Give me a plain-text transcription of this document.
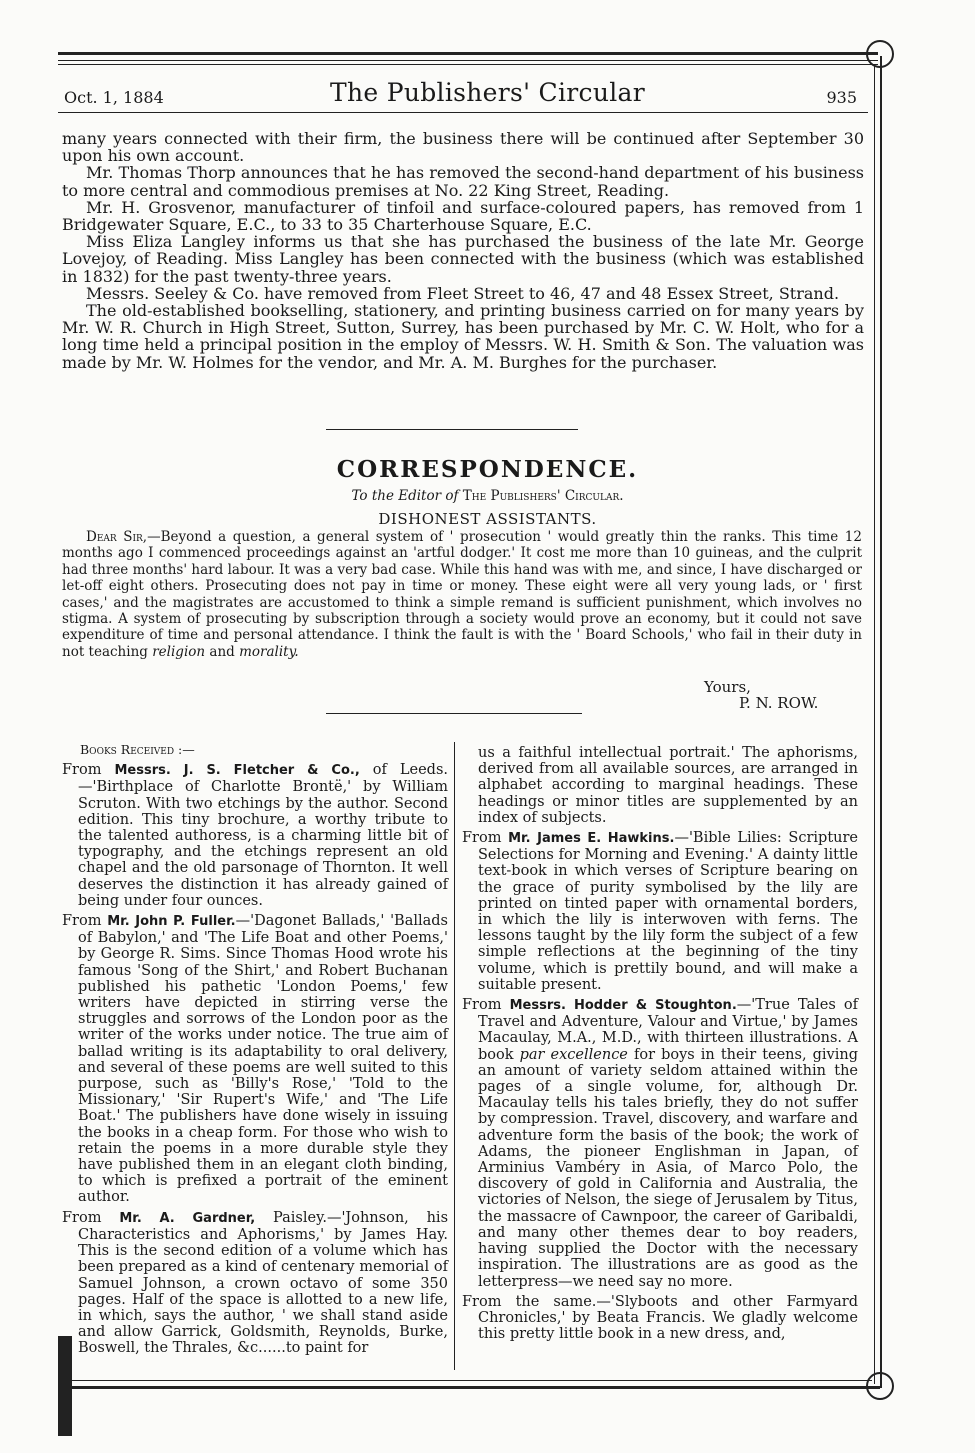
Oct. 1, 1884	The Publishers' Circular	935

many years connected with their firm, the business there will be continued after September 30 upon his own account.

Mr. Thomas Thorp announces that he has removed the second-hand department of his business to more central and commodious premises at No. 22 King Street, Reading.

Mr. H. Grosvenor, manufacturer of tinfoil and surface-coloured papers, has removed from 1 Bridgewater Square, E.C., to 33 to 35 Charterhouse Square, E.C.

Miss Eliza Langley informs us that she has purchased the business of the late Mr. George Lovejoy, of Reading. Miss Langley has been connected with the business (which was established in 1832) for the past twenty-three years.

Messrs. Seeley & Co. have removed from Fleet Street to 46, 47 and 48 Essex Street, Strand.

The old-established bookselling, stationery, and printing business carried on for many years by Mr. W. R. Church in High Street, Sutton, Surrey, has been purchased by Mr. C. W. Holt, who for a long time held a principal position in the employ of Messrs. W. H. Smith & Son. The valuation was made by Mr. W. Holmes for the vendor, and Mr. A. M. Burghes for the purchaser.

CORRESPONDENCE.
To the Editor of The Publishers' Circular.
DISHONEST ASSISTANTS.
Dear Sir,—Beyond a question, a general system of ' prosecution ' would greatly thin the ranks. This time 12 months ago I commenced proceedings against an 'artful dodger.' It cost me more than 10 guineas, and the culprit had three months' hard labour. It was a very bad case. While this hand was with me, and since, I have discharged or let-off eight others. Prosecuting does not pay in time or money. These eight were all very young lads, or ' first cases,' and the magistrates are accustomed to think a simple remand is sufficient punishment, which involves no stigma. A system of prosecuting by subscription through a society would prove an economy, but it could not save expenditure of time and personal attendance. I think the fault is with the ' Board Schools,' who fail in their duty in not teaching religion and morality.
Yours,
P. N. ROW.

Books Received :—

From Messrs. J. S. Fletcher & Co., of Leeds.—'Birthplace of Charlotte Brontë,' by William Scruton. With two etchings by the author. Second edition. This tiny brochure, a worthy tribute to the talented authoress, is a charming little bit of typography, and the etchings represent an old chapel and the old parsonage of Thornton. It well deserves the distinction it has already gained of being under four ounces.

From Mr. John P. Fuller.—'Dagonet Ballads,' 'Ballads of Babylon,' and 'The Life Boat and other Poems,' by George R. Sims. Since Thomas Hood wrote his famous 'Song of the Shirt,' and Robert Buchanan published his pathetic 'London Poems,' few writers have depicted in stirring verse the struggles and sorrows of the London poor as the writer of the works under notice. The true aim of ballad writing is its adaptability to oral delivery, and several of these poems are well suited to this purpose, such as 'Billy's Rose,' 'Told to the Missionary,' 'Sir Rupert's Wife,' and 'The Life Boat.' The publishers have done wisely in issuing the books in a cheap form. For those who wish to retain the poems in a more durable style they have published them in an elegant cloth binding, to which is prefixed a portrait of the eminent author.

From Mr. A. Gardner, Paisley.—'Johnson, his Characteristics and Aphorisms,' by James Hay. This is the second edition of a volume which has been prepared as a kind of centenary memorial of Samuel Johnson, a crown octavo of some 350 pages. Half of the space is allotted to a new life, in which, says the author, ' we shall stand aside and allow Garrick, Goldsmith, Reynolds, Burke, Boswell, the Thrales, &c......to paint for

us a faithful intellectual portrait.' The aphorisms, derived from all available sources, are arranged in alphabet according to marginal headings. These headings or minor titles are supplemented by an index of subjects.

From Mr. James E. Hawkins.—'Bible Lilies: Scripture Selections for Morning and Evening.' A dainty little text-book in which verses of Scripture bearing on the grace of purity symbolised by the lily are printed on tinted paper with ornamental borders, in which the lily is interwoven with ferns. The lessons taught by the lily form the subject of a few simple reflections at the beginning of the tiny volume, which is prettily bound, and will make a suitable present.

From Messrs. Hodder & Stoughton.—'True Tales of Travel and Adventure, Valour and Virtue,' by James Macaulay, M.A., M.D., with thirteen illustrations. A book par excellence for boys in their teens, giving an amount of variety seldom attained within the pages of a single volume, for, although Dr. Macaulay tells his tales briefly, they do not suffer by compression. Travel, discovery, and warfare and adventure form the basis of the book; the work of Adams, the pioneer Englishman in Japan, of Arminius Vambéry in Asia, of Marco Polo, the discovery of gold in California and Australia, the victories of Nelson, the siege of Jerusalem by Titus, the massacre of Cawnpoor, the career of Garibaldi, and many other themes dear to boy readers, having supplied the Doctor with the necessary inspiration. The illustrations are as good as the letterpress—we need say no more.

From the same.—'Slyboots and other Farmyard Chronicles,' by Beata Francis. We gladly welcome this pretty little book in a new dress, and,
